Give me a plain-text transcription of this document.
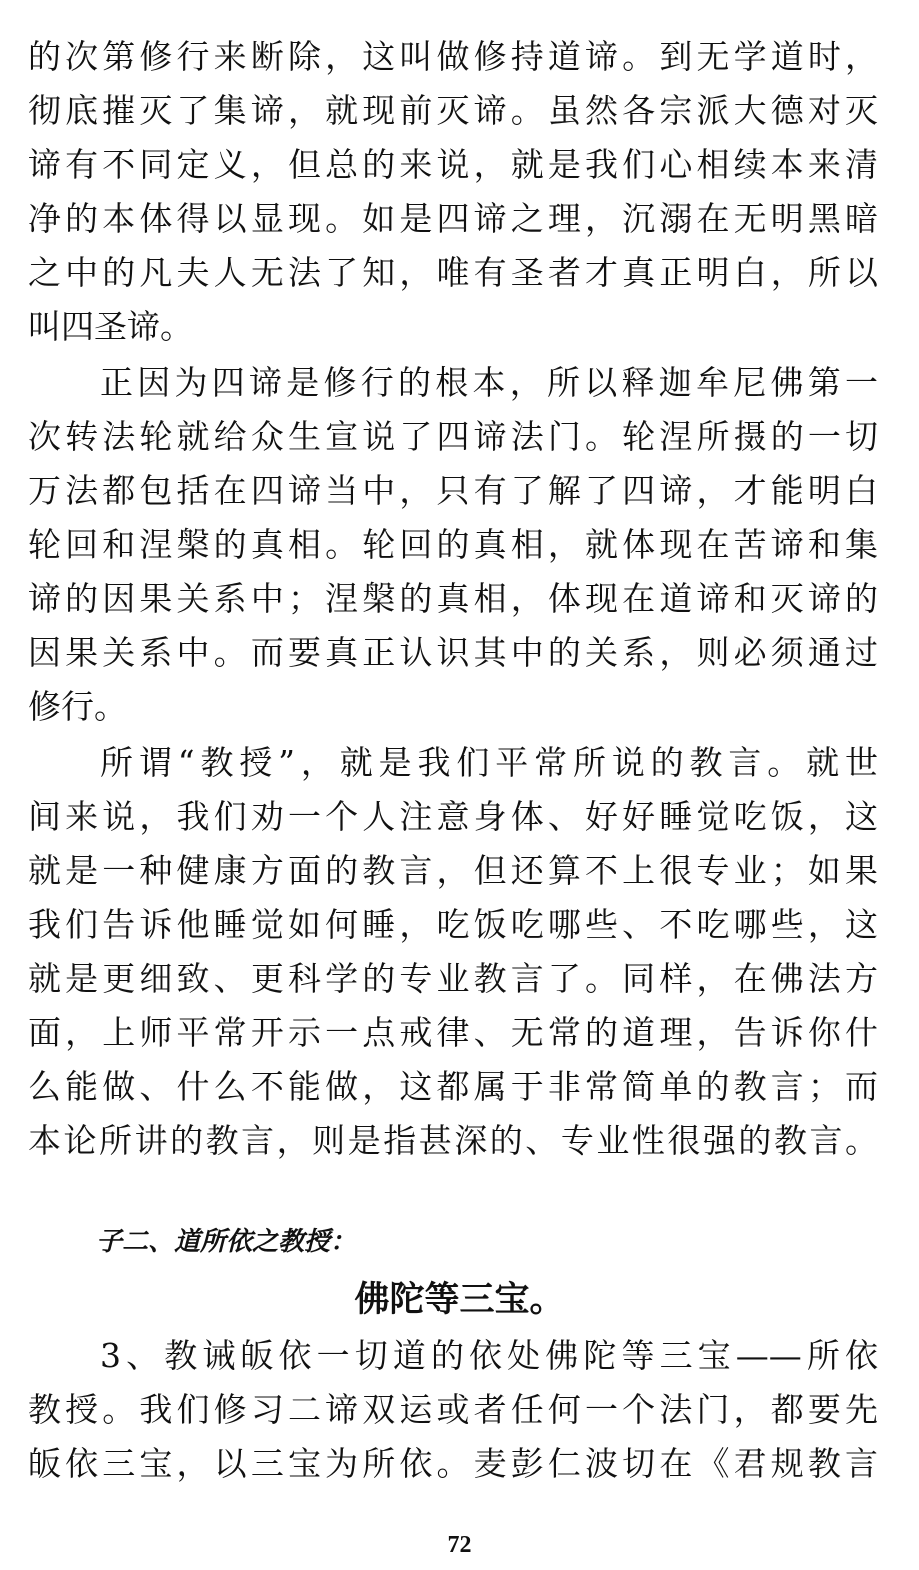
的次第修行来断除，这叫做修持道谛。到无学道时，
彻底摧灭了集谛，就现前灭谛。虽然各宗派大德对灭
谛有不同定义，但总的来说，就是我们心相续本来清
净的本体得以显现。如是四谛之理，沉溺在无明黑暗
之中的凡夫人无法了知，唯有圣者才真正明白，所以
叫四圣谛。
正因为四谛是修行的根本，所以释迦牟尼佛第一
次转法轮就给众生宣说了四谛法门。轮涅所摄的一切
万法都包括在四谛当中，只有了解了四谛，才能明白
轮回和涅槃的真相。轮回的真相，就体现在苦谛和集
谛的因果关系中；涅槃的真相，体现在道谛和灭谛的
因果关系中。而要真正认识其中的关系，则必须通过
修行。
所谓“教授”，就是我们平常所说的教言。就世
间来说，我们劝一个人注意身体、好好睡觉吃饭，这
就是一种健康方面的教言，但还算不上很专业；如果
我们告诉他睡觉如何睡，吃饭吃哪些、不吃哪些，这
就是更细致、更科学的专业教言了。同样，在佛法方
面，上师平常开示一点戒律、无常的道理，告诉你什
么能做、什么不能做，这都属于非常简单的教言；而
本论所讲的教言，则是指甚深的、专业性很强的教言。
子二、道所依之教授：
佛陀等三宝。
3、教诫皈依一切道的依处佛陀等三宝——所依
教授。我们修习二谛双运或者任何一个法门，都要先
皈依三宝，以三宝为所依。麦彭仁波切在《君规教言
72
